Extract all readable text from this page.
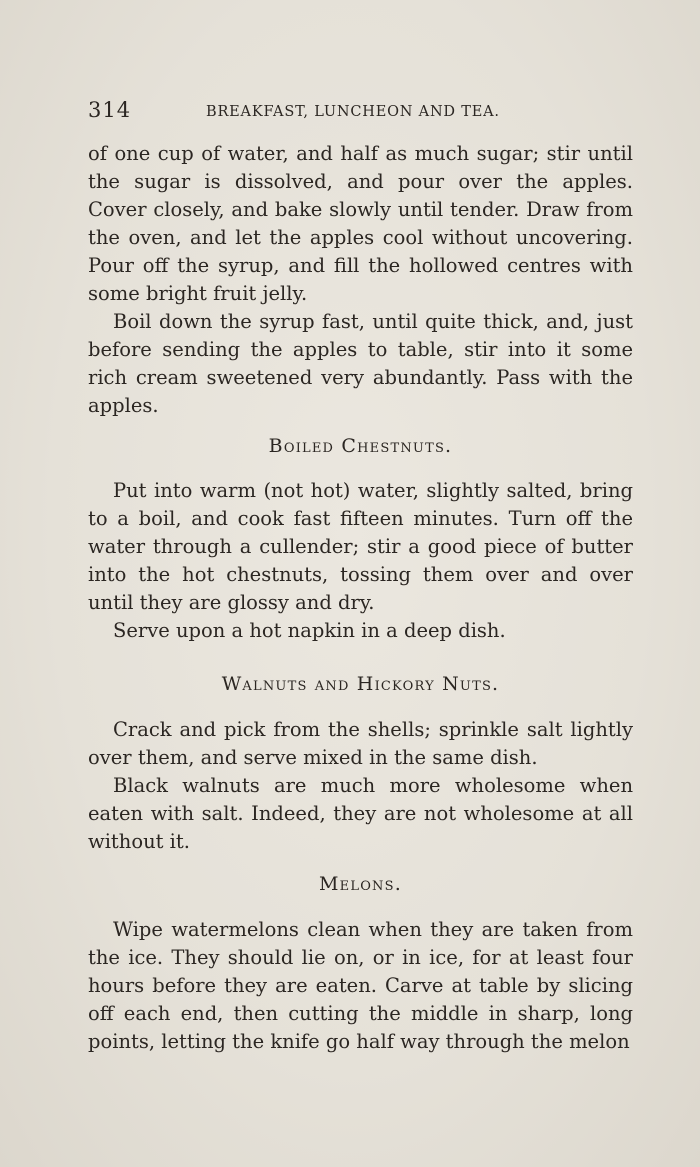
314	BREAKFAST, LUNCHEON AND TEA.

of one cup of water, and half as much sugar; stir until the sugar is dissolved, and pour over the apples. Cover closely, and bake slowly until tender. Draw from the oven, and let the apples cool without uncovering. Pour off the syrup, and fill the hollowed centres with some bright fruit jelly.

Boil down the syrup fast, until quite thick, and, just before sending the apples to table, stir into it some rich cream sweetened very abundantly. Pass with the apples.

Boiled Chestnuts.

Put into warm (not hot) water, slightly salted, bring to a boil, and cook fast fifteen minutes. Turn off the water through a cullender; stir a good piece of butter into the hot chestnuts, tossing them over and over until they are glossy and dry.

Serve upon a hot napkin in a deep dish.

Walnuts and Hickory Nuts.

Crack and pick from the shells; sprinkle salt lightly over them, and serve mixed in the same dish.

Black walnuts are much more wholesome when eaten with salt. Indeed, they are not wholesome at all without it.

Melons.

Wipe watermelons clean when they are taken from the ice. They should lie on, or in ice, for at least four hours before they are eaten. Carve at table by slicing off each end, then cutting the middle in sharp, long points, letting the knife go half way through the melon
